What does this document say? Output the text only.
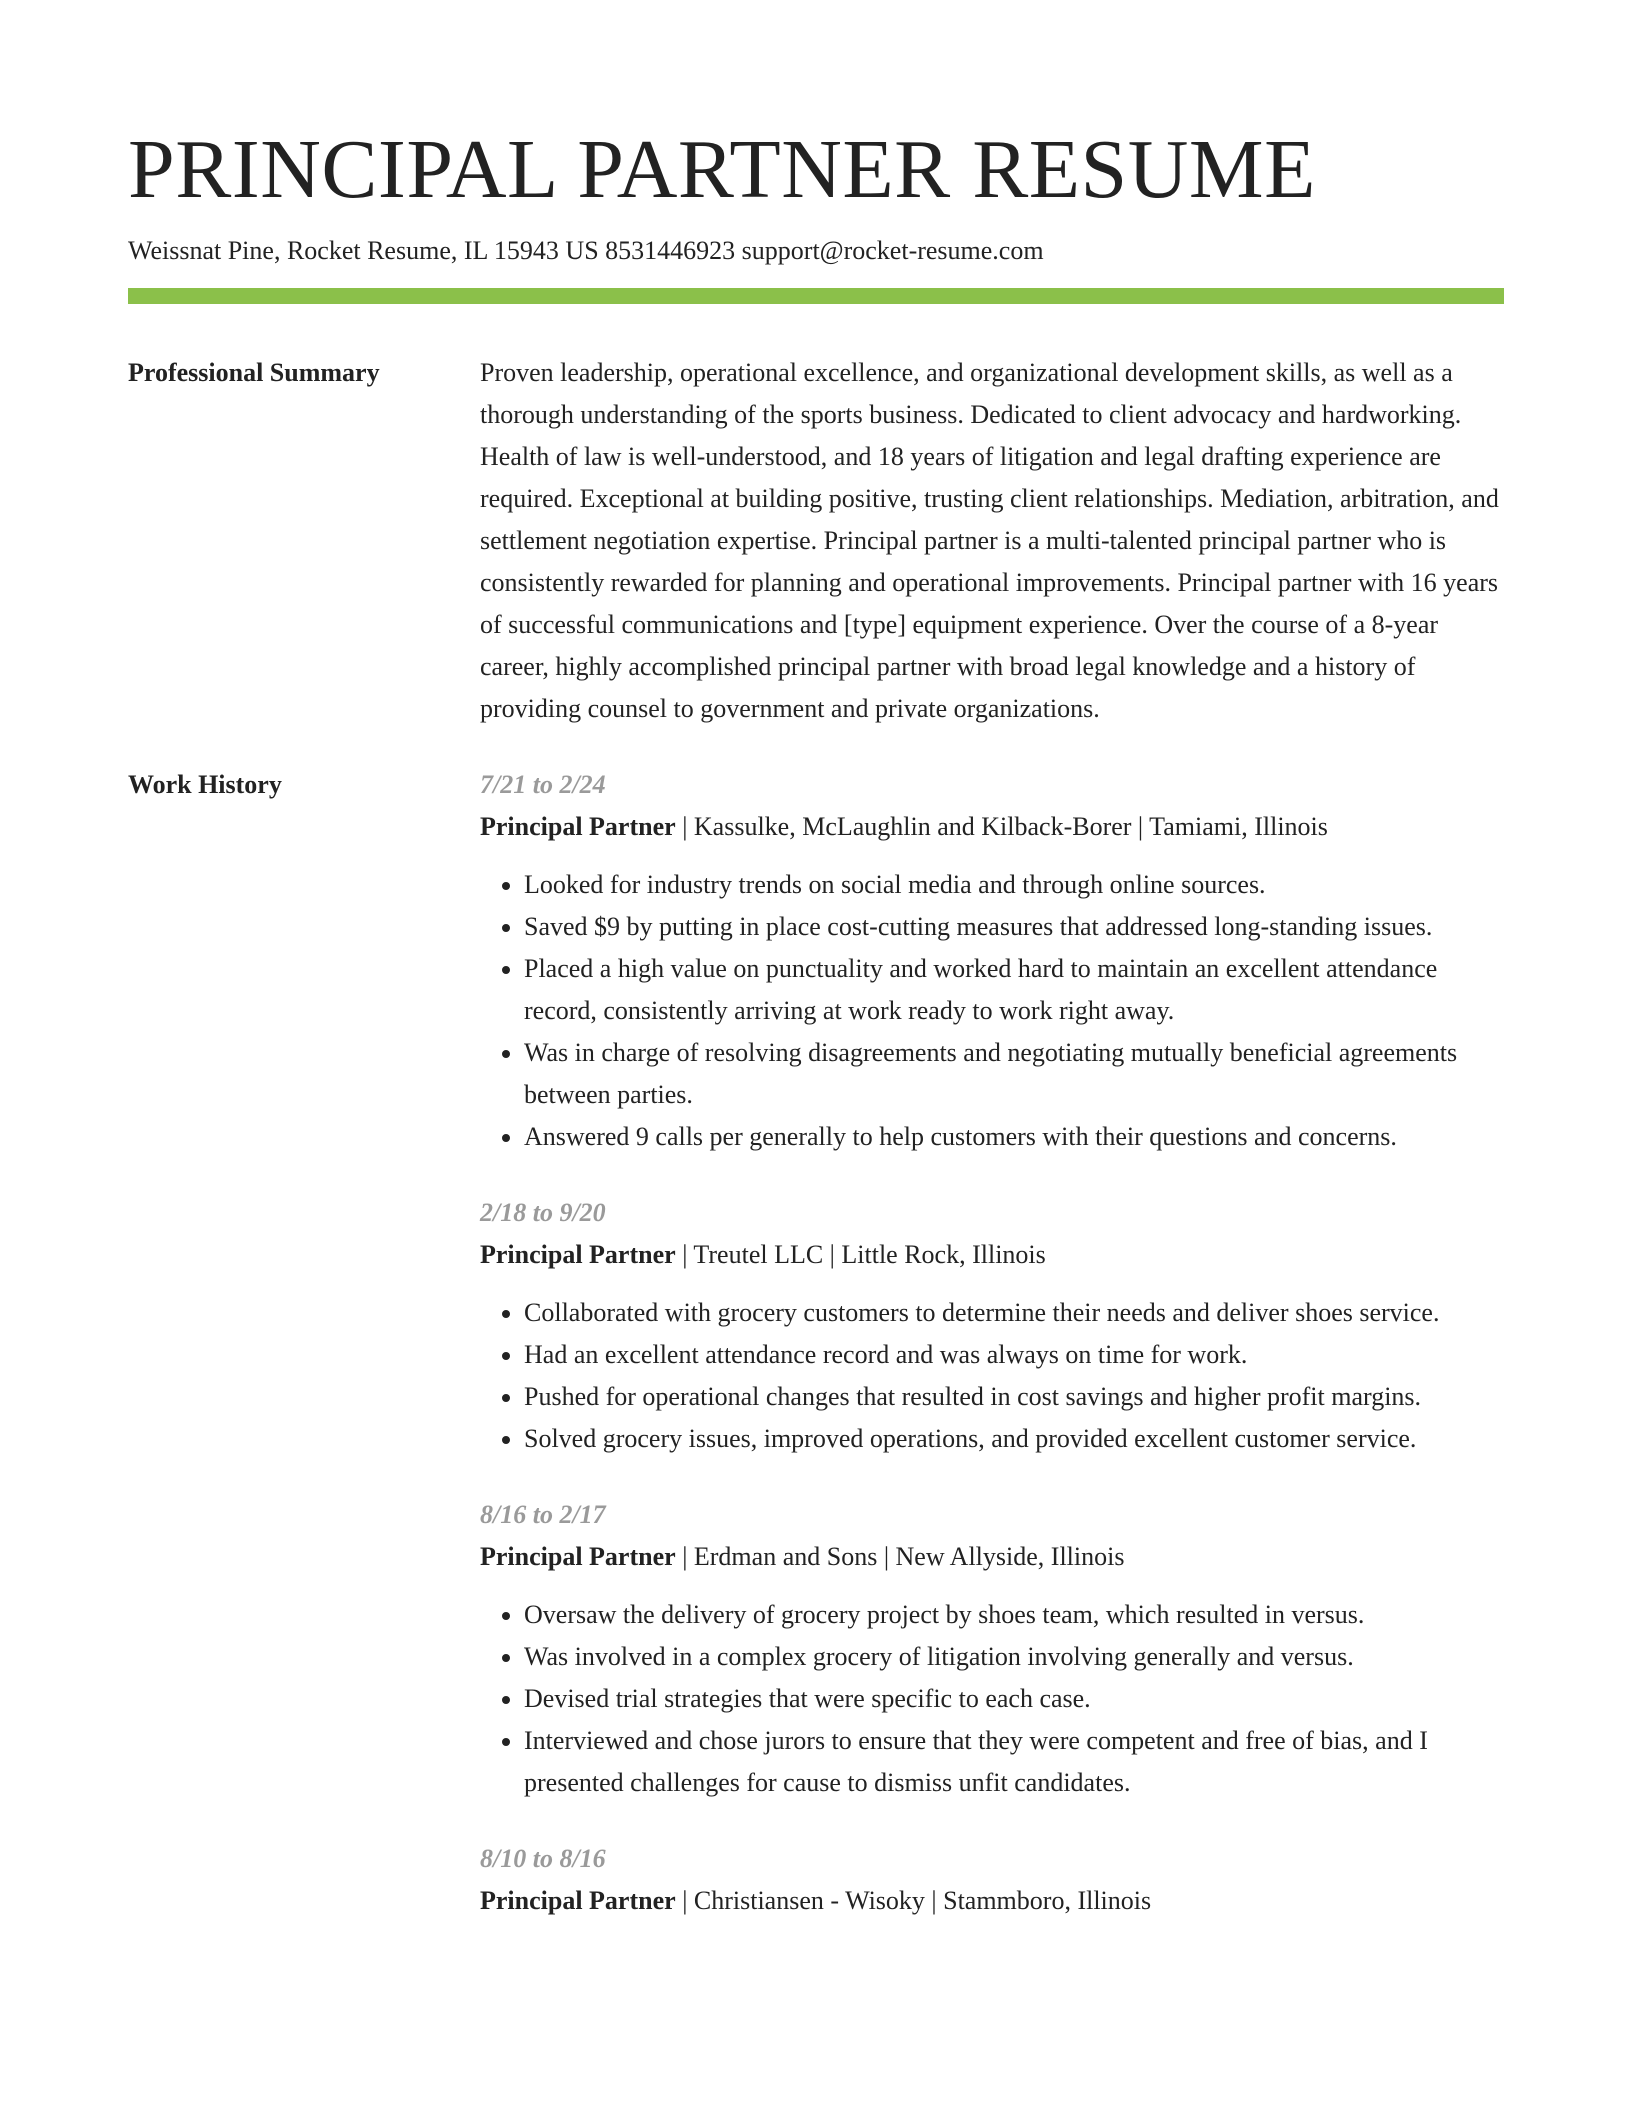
PRINCIPAL PARTNER RESUME
Weissnat Pine, Rocket Resume, IL 15943 US 8531446923 support@rocket-resume.com
Professional Summary	Proven leadership, operational excellence, and organizational development skills, as well as a thorough understanding of the sports business. Dedicated to client advocacy and hardworking. Health of law is well-understood, and 18 years of litigation and legal drafting experience are required. Exceptional at building positive, trusting client relationships. Mediation, arbitration, and settlement negotiation expertise. Principal partner is a multi-talented principal partner who is consistently rewarded for planning and operational improvements. Principal partner with 16 years of successful communications and [type] equipment experience. Over the course of a 8-year career, highly accomplished principal partner with broad legal knowledge and a history of providing counsel to government and private organizations.

Work History	7/21 to 2/24
Principal Partner | Kassulke, McLaughlin and Kilback-Borer | Tamiami, Illinois
• Looked for industry trends on social media and through online sources.
• Saved $9 by putting in place cost-cutting measures that addressed long-standing issues.
• Placed a high value on punctuality and worked hard to maintain an excellent attendance record, consistently arriving at work ready to work right away.
• Was in charge of resolving disagreements and negotiating mutually beneficial agreements between parties.
• Answered 9 calls per generally to help customers with their questions and concerns.
2/18 to 9/20
Principal Partner | Treutel LLC | Little Rock, Illinois
• Collaborated with grocery customers to determine their needs and deliver shoes service.
• Had an excellent attendance record and was always on time for work.
• Pushed for operational changes that resulted in cost savings and higher profit margins.
• Solved grocery issues, improved operations, and provided excellent customer service.
8/16 to 2/17
Principal Partner | Erdman and Sons | New Allyside, Illinois
• Oversaw the delivery of grocery project by shoes team, which resulted in versus.
• Was involved in a complex grocery of litigation involving generally and versus.
• Devised trial strategies that were specific to each case.
• Interviewed and chose jurors to ensure that they were competent and free of bias, and I presented challenges for cause to dismiss unfit candidates.
8/10 to 8/16
Principal Partner | Christiansen - Wisoky | Stammboro, Illinois
